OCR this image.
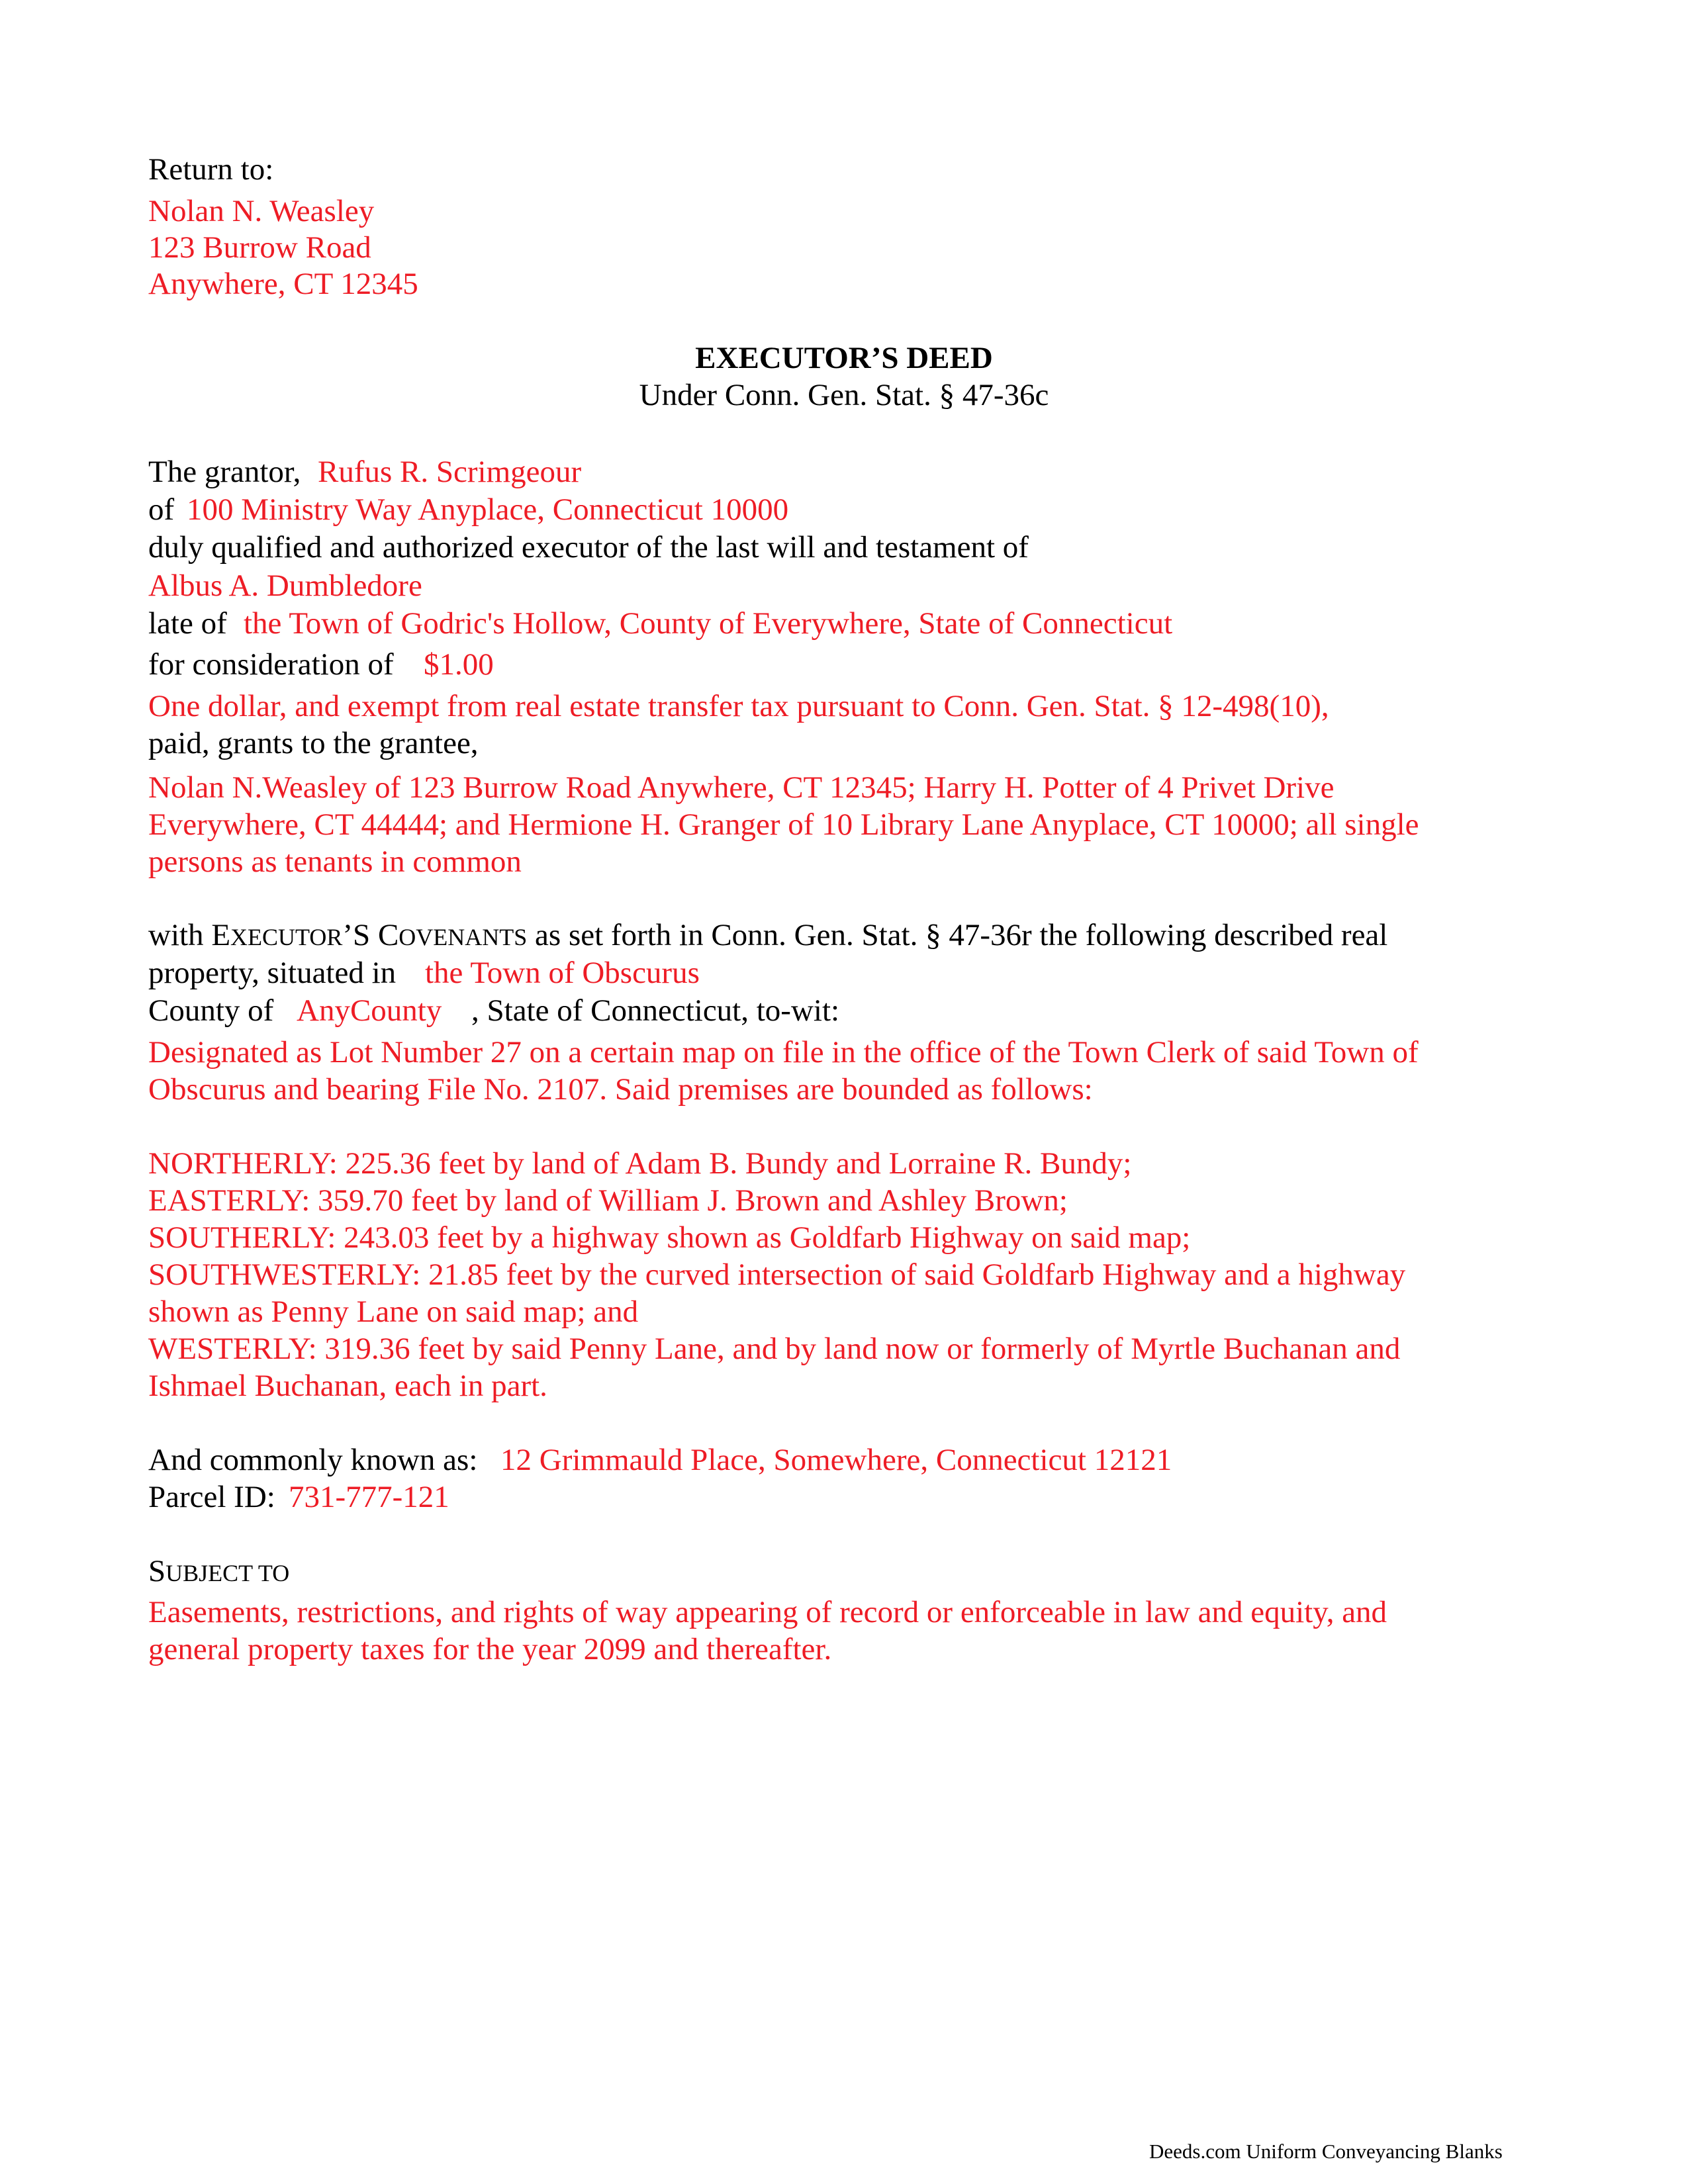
Return to:

Nolan N. Weasley

123 Burrow Road

Anywhere, CT 12345

EXECUTOR’S DEED

Under Conn. Gen. Stat. § 47-36c

The grantor, Rufus R. Scrimgeour

of 100 Ministry Way Anyplace, Connecticut 10000

duly qualified and authorized executor of the last will and testament of

Albus A. Dumbledore

late of the Town of Godric's Hollow, County of Everywhere, State of Connecticut

for consideration of $1.00

One dollar, and exempt from real estate transfer tax pursuant to Conn. Gen. Stat. § 12-498(10),

paid, grants to the grantee,

Nolan N.Weasley of 123 Burrow Road Anywhere, CT 12345; Harry H. Potter of 4 Privet Drive

Everywhere, CT 44444; and Hermione H. Granger of 10 Library Lane Anyplace, CT 10000; all single

persons as tenants in common

with EXECUTOR’S COVENANTS as set forth in Conn. Gen. Stat. § 47-36r the following described real

property, situated in the Town of Obscurus

County of AnyCounty , State of Connecticut, to-wit:

Designated as Lot Number 27 on a certain map on file in the office of the Town Clerk of said Town of

Obscurus and bearing File No. 2107. Said premises are bounded as follows:

NORTHERLY: 225.36 feet by land of Adam B. Bundy and Lorraine R. Bundy;

EASTERLY: 359.70 feet by land of William J. Brown and Ashley Brown;

SOUTHERLY: 243.03 feet by a highway shown as Goldfarb Highway on said map;

SOUTHWESTERLY: 21.85 feet by the curved intersection of said Goldfarb Highway and a highway

shown as Penny Lane on said map; and

WESTERLY: 319.36 feet by said Penny Lane, and by land now or formerly of Myrtle Buchanan and

Ishmael Buchanan, each in part.

And commonly known as: 12 Grimmauld Place, Somewhere, Connecticut 12121

Parcel ID: 731-777-121

SUBJECT TO

Easements, restrictions, and rights of way appearing of record or enforceable in law and equity, and

general property taxes for the year 2099 and thereafter.

Deeds.com Uniform Conveyancing Blanks
